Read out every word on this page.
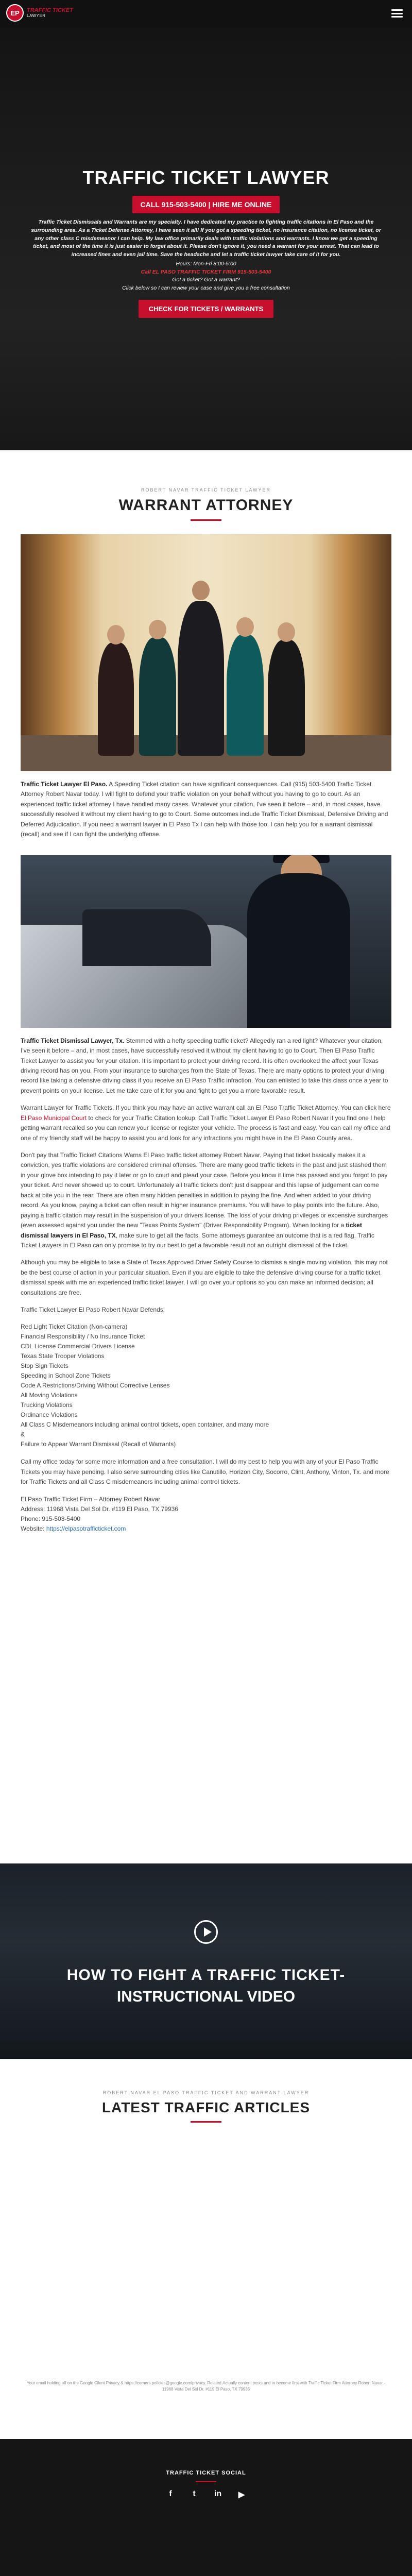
EP	TRAFFIC TICKET
LAWYER
TRAFFIC TICKET LAWYER
CALL 915-503-5400 | HIRE ME ONLINE

Traffic Ticket Dismissals and Warrants are my specialty. I have dedicated my practice to fighting traffic citations in El Paso and the surrounding area. As a Ticket Defense Attorney, I have seen it all! If you got a speeding ticket, no insurance citation, no license ticket, or any other class C misdemeanor I can help. My law office primarily deals with traffic violations and warrants. I know we get a speeding ticket, and most of the time it is just easier to forget about it. Please don't ignore it, you need a warrant for your arrest. That can lead to increased fines and even jail time. Save the headache and let a traffic ticket lawyer take care of it for you.

Hours: Mon-Fri 8:00-5:00
Call EL PASO TRAFFIC TICKET FIRM 915-503-5400
Got a ticket? Got a warrant?
Click below so I can review your case and give you a free consultation
CHECK FOR TICKETS / WARRANTS
ROBERT NAVAR TRAFFIC TICKET LAWYER
WARRANT ATTORNEY

Traffic Ticket Lawyer El Paso. A Speeding Ticket citation can have significant consequences. Call (915) 503-5400 Traffic Ticket Attorney Robert Navar today. I will fight to defend your traffic violation on your behalf without you having to go to court. As an experienced traffic ticket attorney I have handled many cases. Whatever your citation, I've seen it before – and, in most cases, have successfully resolved it without my client having to go to Court. Some outcomes include Traffic Ticket Dismissal, Defensive Driving and Deferred Adjudication. If you need a warrant lawyer in El Paso Tx I can help with those too. I can help you for a warrant dismissal (recall) and see if I can fight the underlying offense.

Traffic Ticket Dismissal Lawyer, Tx. Stemmed with a hefty speeding traffic ticket? Allegedly ran a red light? Whatever your citation, I've seen it before – and, in most cases, have successfully resolved it without my client having to go to Court. Then El Paso Traffic Ticket Lawyer to assist you for your citation. It is important to protect your driving record. It is often overlooked the affect your Texas driving record has on you. From your insurance to surcharges from the State of Texas. There are many options to protect your driving record like taking a defensive driving class if you receive an El Paso Traffic infraction. You can enlisted to take this class once a year to prevent points on your license. Let me take care of it for you and fight to get you a more favorable result.

Warrant Lawyer for Traffic Tickets. If you think you may have an active warrant call an El Paso Traffic Ticket Attorney. You can click here El Paso Municipal Court to check for your Traffic Citation lookup. Call Traffic Ticket Lawyer El Paso Robert Navar if you find one I help getting warrant recalled so you can renew your license or register your vehicle. The process is fast and easy. You can call my office and one of my friendly staff will be happy to assist you and look for any infractions you might have in the El Paso County area.

Don't pay that Traffic Ticket! Citations Warns El Paso traffic ticket attorney Robert Navar. Paying that ticket basically makes it a conviction, yes traffic violations are considered criminal offenses. There are many good traffic tickets in the past and just stashed them in your glove box intending to pay it later or go to court and plead your case. Before you know it time has passed and you forgot to pay your ticket. And never showed up to court. Unfortunately all traffic tickets don't just disappear and this lapse of judgement can come back at bite you in the rear. There are often many hidden penalties in addition to paying the fine. And when added to your driving record. As you know, paying a ticket can often result in higher insurance premiums. You will have to play points into the future. Also, paying a traffic citation may result in the suspension of your drivers license. The loss of your driving privileges or expensive surcharges (even assessed against you under the new "Texas Points System" (Driver Responsibility Program). When looking for a ticket dismissal lawyers in El Paso, TX, make sure to get all the facts. Some attorneys guarantee an outcome that is a red flag. Traffic Ticket Lawyers in El Paso can only promise to try our best to get a favorable result not an outright dismissal of the ticket.

Although you may be eligible to take a State of Texas Approved Driver Safety Course to dismiss a single moving violation, this may not be the best course of action in your particular situation. Even if you are eligible to take the defensive driving course for a traffic ticket dismissal speak with me an experienced traffic ticket lawyer, I will go over your options so you can make an informed decision; all consultations are free.

Traffic Ticket Lawyer El Paso Robert Navar Defends:
Red Light Ticket Citation (Non-camera)
Financial Responsibility / No Insurance Ticket
CDL License Commercial Drivers License
Texas State Trooper Violations
Stop Sign Tickets
Speeding in School Zone Tickets
Code A Restrictions/Driving Without Corrective Lenses
All Moving Violations
Trucking Violations
Ordinance Violations
All Class C Misdemeanors including animal control tickets, open container, and many more
&
Failure to Appear Warrant Dismissal (Recall of Warrants)

Call my office today for some more information and a free consultation. I will do my best to help you with any of your El Paso Traffic Tickets you may have pending. I also serve surrounding cities like Canutillo, Horizon City, Socorro, Clint, Anthony, Vinton, Tx. and more for Traffic Tickets and all Class C misdemeanors including animal control tickets.

El Paso Traffic Ticket Firm – Attorney Robert Navar
Address: 11968 Vista Del Sol Dr. #119 El Paso, TX 79936
Phone: 915-503-5400
Website: https://elpasotrafficticket.com
HOW TO FIGHT A TRAFFIC TICKET-
INSTRUCTIONAL VIDEO
ROBERT NAVAR EL PASO TRAFFIC TICKET AND WARRANT LAWYER
LATEST TRAFFIC ARTICLES
Your email holding off on the Google Client Privacy & https://corners.policies@google.com/privacy. Related.Actually content posts and to become first with Traffic Ticket Firm Attorney Robert Navar - 11968 Vista Del Sol Dr. #119 El Paso, TX 79936
TRAFFIC TICKET SOCIAL
f	t	in ▶
